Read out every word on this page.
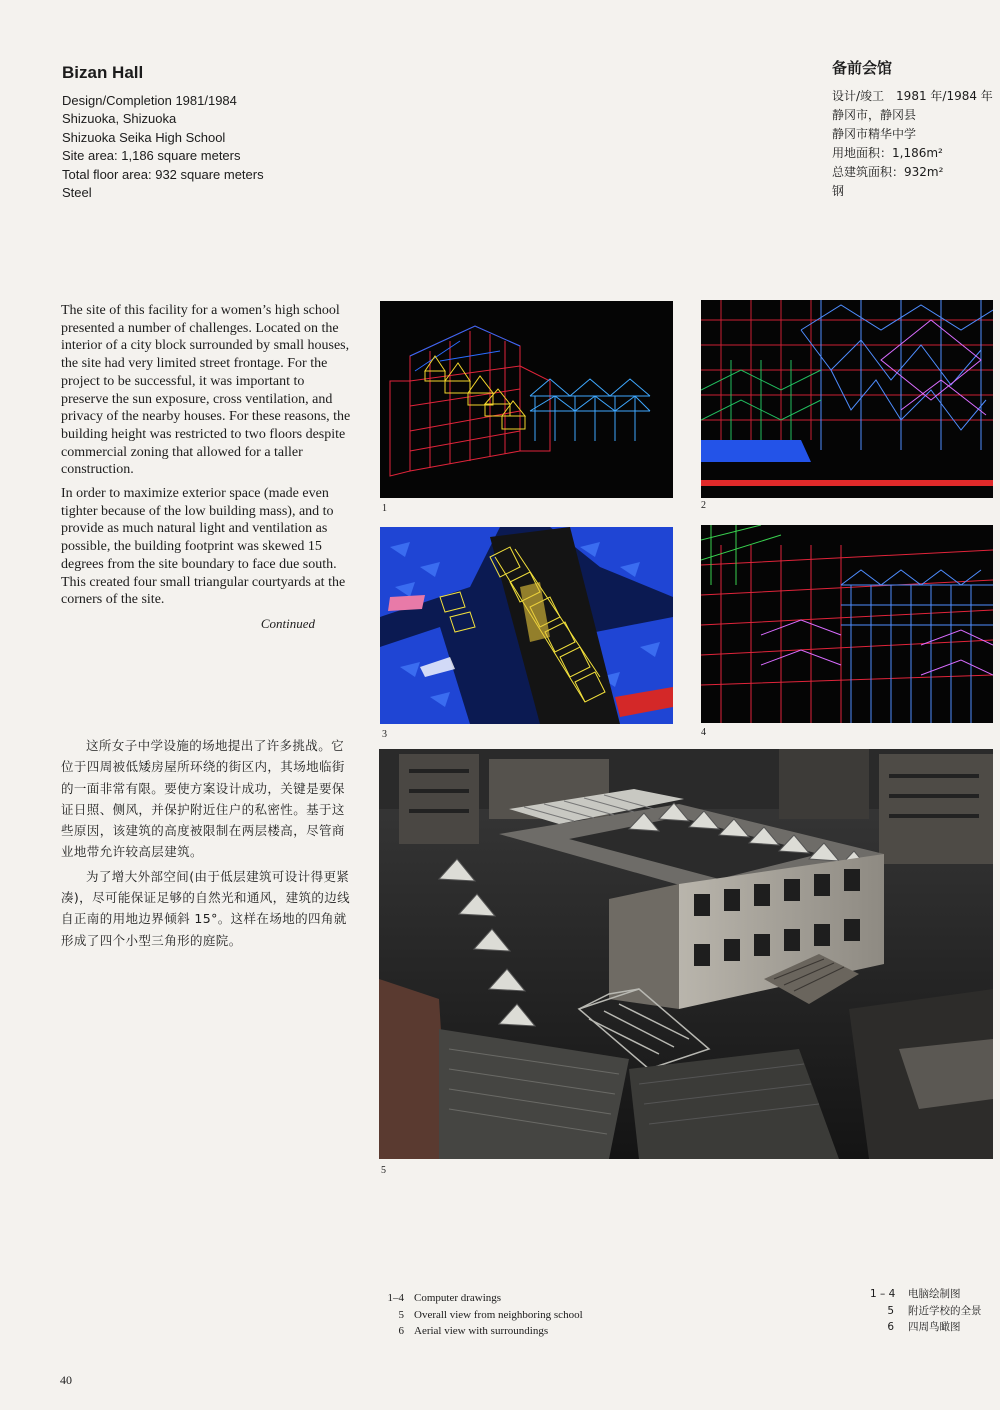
Bizan Hall
Design/Completion 1981/1984
Shizuoka, Shizuoka
Shizuoka Seika High School
Site area: 1,186 square meters
Total floor area: 932 square meters
Steel
备前会馆
设计/竣工　1981 年/1984 年
静冈市，静冈县
静冈市精华中学
用地面积：1,186m²
总建筑面积：932m²
钢

The site of this facility for a women’s high school presented a number of challenges. Located on the interior of a city block surrounded by small houses, the site had very limited street frontage. For the project to be successful, it was important to preserve the sun exposure, cross ventilation, and privacy of the nearby houses. For these reasons, the building height was restricted to two floors despite commercial zoning that allowed for a taller construction.

In order to maximize exterior space (made even tighter because of the low building mass), and to provide as much natural light and ventilation as possible, the building footprint was skewed 15 degrees from the site boundary to face due south. This created four small triangular courtyards at the corners of the site.

Continued

这所女子中学设施的场地提出了许多挑战。它位于四周被低矮房屋所环绕的街区内，其场地临街的一面非常有限。要使方案设计成功，关键是要保证日照、侧风，并保护附近住户的私密性。基于这些原因，该建筑的高度被限制在两层楼高，尽管商业地带允许较高层建筑。

为了增大外部空间(由于低层建筑可设计得更紧凑)，尽可能保证足够的自然光和通风，建筑的边线自正南的用地边界倾斜 15°。这样在场地的四角就形成了四个小型三角形的庭院。

1	2
3	4
5
1–4 Computer drawings
5 Overall view from neighboring school
6 Aerial view with surroundings
1 – 4 电脑绘制图
5 附近学校的全景
6 四周鸟瞰图
40
